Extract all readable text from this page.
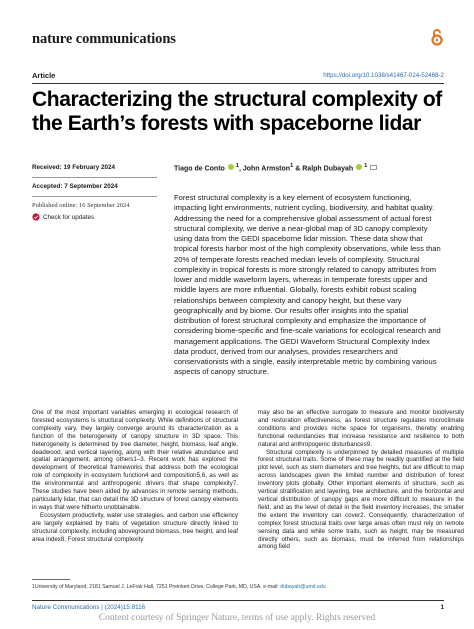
nature communications
Article	https://doi.org/10.1038/s41467-024-52468-2
Characterizing the structural complexity of the Earth’s forests with spaceborne lidar
Received: 19 February 2024
Accepted: 7 September 2024
Published online: 16 September 2024
Check for updates
Tiago de Conto $^1$, John Armston$^1$ & Ralph Dubayah $^1$
Forest structural complexity is a key element of ecosystem functioning, impacting light environments, nutrient cycling, biodiversity, and habitat quality. Addressing the need for a comprehensive global assessment of actual forest structural complexity, we derive a near-global map of 3D canopy complexity using data from the GEDI spaceborne lidar mission. These data show that tropical forests harbor most of the high complexity observations, while less than 20% of temperate forests reached median levels of complexity. Structural complexity in tropical forests is more strongly related to canopy attributes from lower and middle waveform layers, whereas in temperate forests upper and middle layers are more influential. Globally, forests exhibit robust scaling relationships between complexity and canopy height, but these vary geographically and by biome. Our results offer insights into the spatial distribution of forest structural complexity and emphasize the importance of considering biome-specific and fine-scale variations for ecological research and management applications. The GEDI Waveform Structural Complexity Index data product, derived from our analyses, provides researchers and conservationists with a single, easily interpretable metric by combining various aspects of canopy structure.

One of the most important variables emerging in ecological research of forested ecosystems is structural complexity. While definitions of structural complexity vary, they largely converge around its characterization as a function of the heterogeneity of canopy structure in 3D space. This heterogeneity is determined by tree diameter, height, biomass, leaf angle, deadwood, and vertical layering, along with their relative abundance and spatial arrangement, among others1–3. Recent work has explored the development of theoretical frameworks that address both the ecological role of complexity in ecosystem function4 and composition5,6, as well as the environmental and anthropogenic drivers that shape complexity7. These studies have been aided by advances in remote sensing methods, particularly lidar, that can detail the 3D structure of forest canopy elements in ways that were hitherto unobtainable.

Ecosystem productivity, water use strategies, and carbon use efficiency are largely explained by traits of vegetation structure directly linked to structural complexity, including aboveground biomass, tree height, and leaf area index8. Forest structural complexity

may also be an effective surrogate to measure and monitor biodiversity and restoration effectiveness, as forest structure regulates microclimate conditions and provides niche space for organisms, thereby enabling functional redundancies that increase resistance and resilience to both natural and anthropogenic disturbances9.

Structural complexity is underpinned by detailed measures of multiple forest structural traits. Some of these may be readily quantified at the field plot level, such as stem diameters and tree heights, but are difficult to map across landscapes given the limited number and distribution of forest inventory plots globally. Other important elements of structure, such as vertical stratification and layering, tree architecture, and the horizontal and vertical distribution of canopy gaps are more difficult to measure in the field, and as the level of detail in the field inventory increases, the smaller the extent the inventory can cover2. Consequently, characterization of complex forest structural traits over large areas often must rely on remote sensing data and while some traits, such as height, may be measured directly others, such as biomass, must be inferred from relationships among field

1University of Maryland, 2181 Samuel J. LeFrak Hall, 7251 Preinkert Drive, College Park, MD, USA. e-mail: dubayah@umd.edu
Nature Communications | (2024)15:8116	1
Content courtesy of Springer Nature, terms of use apply. Rights reserved
